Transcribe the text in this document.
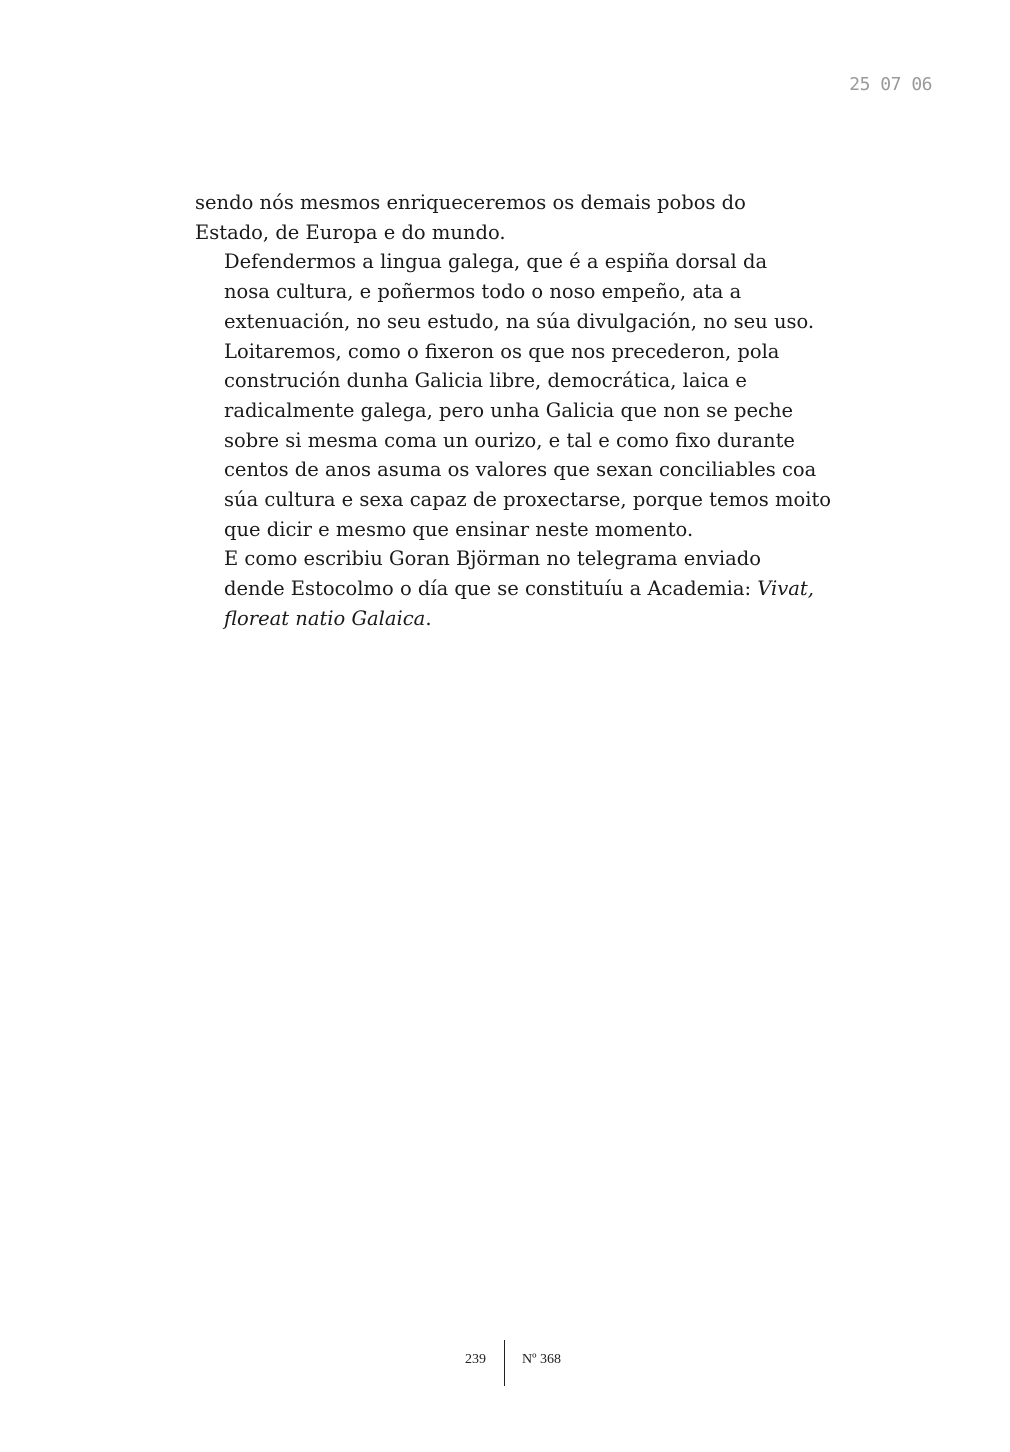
25 07 06

sendo nós mesmos enriqueceremos os demais pobos do
Estado, de Europa e do mundo.

Defendermos a lingua galega, que é a espiña dorsal da
nosa cultura, e poñermos todo o noso empeño, ata a
extenuación, no seu estudo, na súa divulgación, no seu uso.

Loitaremos, como o fixeron os que nos precederon, pola
construción dunha Galicia libre, democrática, laica e
radicalmente galega, pero unha Galicia que non se peche
sobre si mesma coma un ourizo, e tal e como fixo durante
centos de anos asuma os valores que sexan conciliables coa
súa cultura e sexa capaz de proxectarse, porque temos moito
que dicir e mesmo que ensinar neste momento.

E como escribiu Goran Björman no telegrama enviado
dende Estocolmo o día que se constituíu a Academia: Vivat,
floreat natio Galaica.

239	Nº 368
